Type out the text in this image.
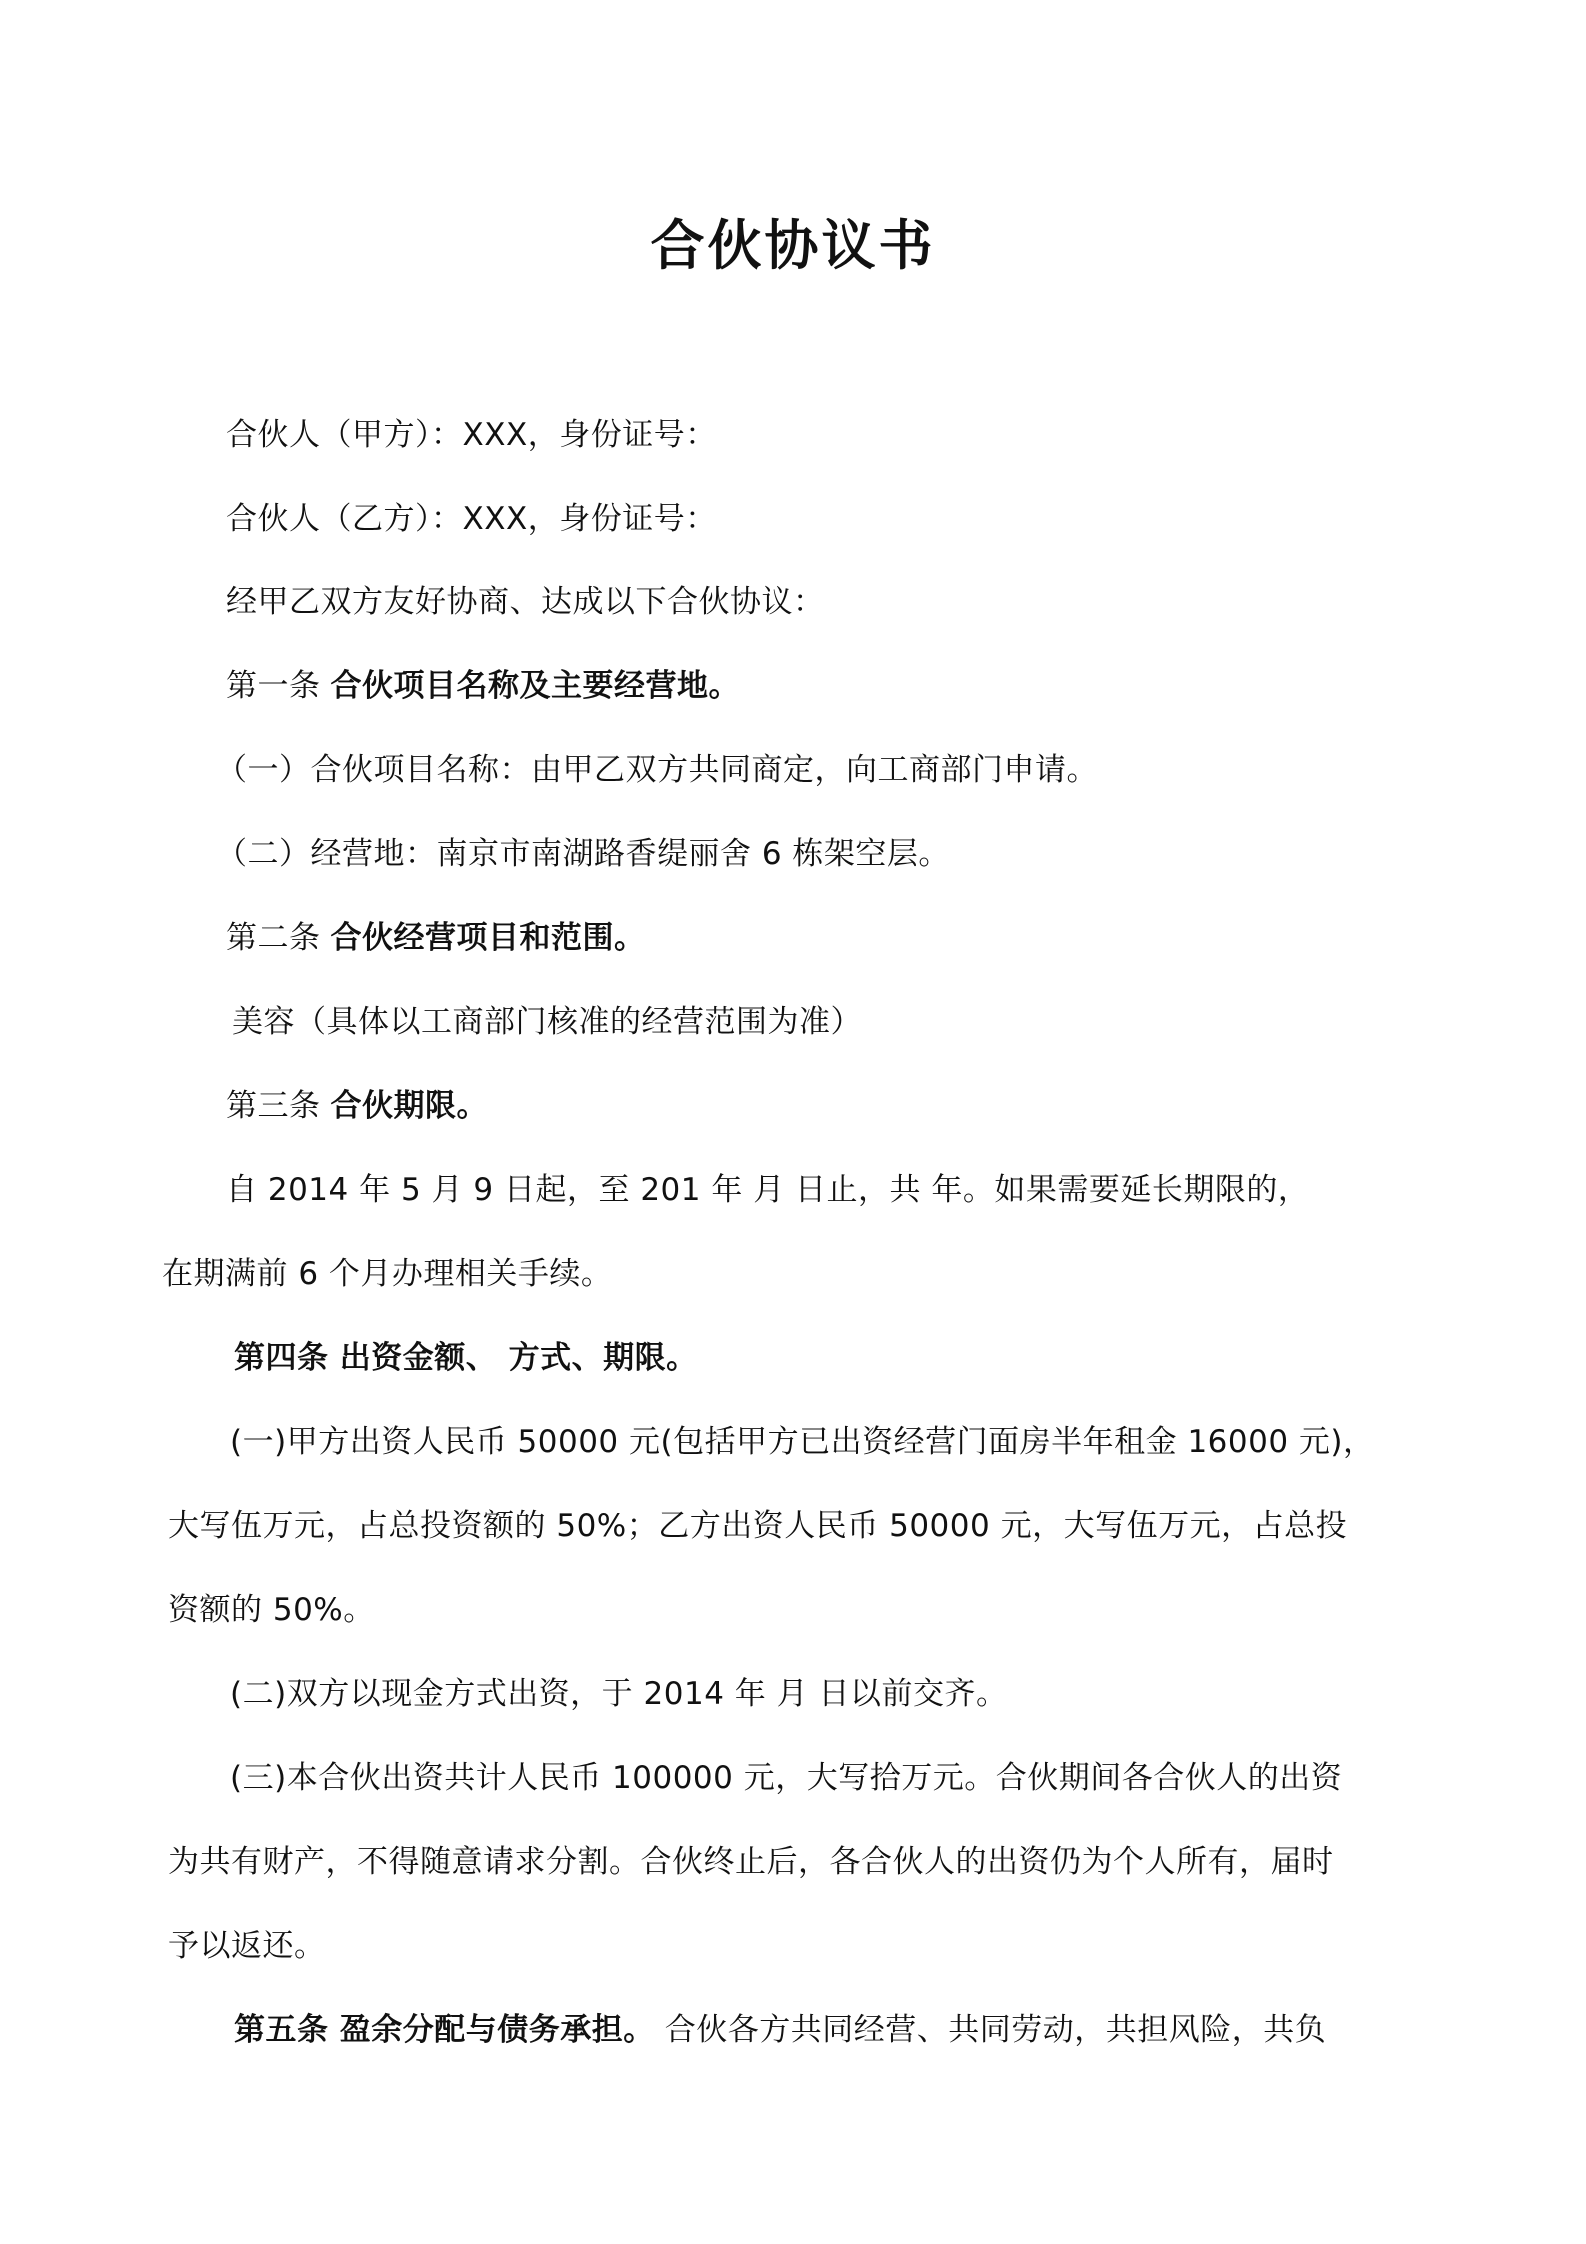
合伙协议书
合伙人（甲方）：XXX，身份证号：
合伙人（乙方）：XXX，身份证号：
经甲乙双方友好协商、达成以下合伙协议：
第一条 合伙项目名称及主要经营地。
（一）合伙项目名称：由甲乙双方共同商定，向工商部门申请。
（二）经营地：南京市南湖路香缇丽舍 6 栋架空层。
第二条 合伙经营项目和范围。
美容（具体以工商部门核准的经营范围为准）
第三条 合伙期限。
自 2014 年 5 月 9 日起，至 201 年 月 日止，共 年。如果需要延长期限的，
在期满前 6 个月办理相关手续。
第四条 出资金额、 方式、期限。
(一)甲方出资人民币 50000 元(包括甲方已出资经营门面房半年租金 16000 元)，
大写伍万元，占总投资额的 50%；乙方出资人民币 50000 元，大写伍万元，占总投
资额的 50%。
(二)双方以现金方式出资，于 2014 年 月 日以前交齐。
(三)本合伙出资共计人民币 100000 元，大写拾万元。合伙期间各合伙人的出资
为共有财产，不得随意请求分割。合伙终止后，各合伙人的出资仍为个人所有，届时
予以返还。
第五条 盈余分配与债务承担。 合伙各方共同经营、共同劳动，共担风险，共负
